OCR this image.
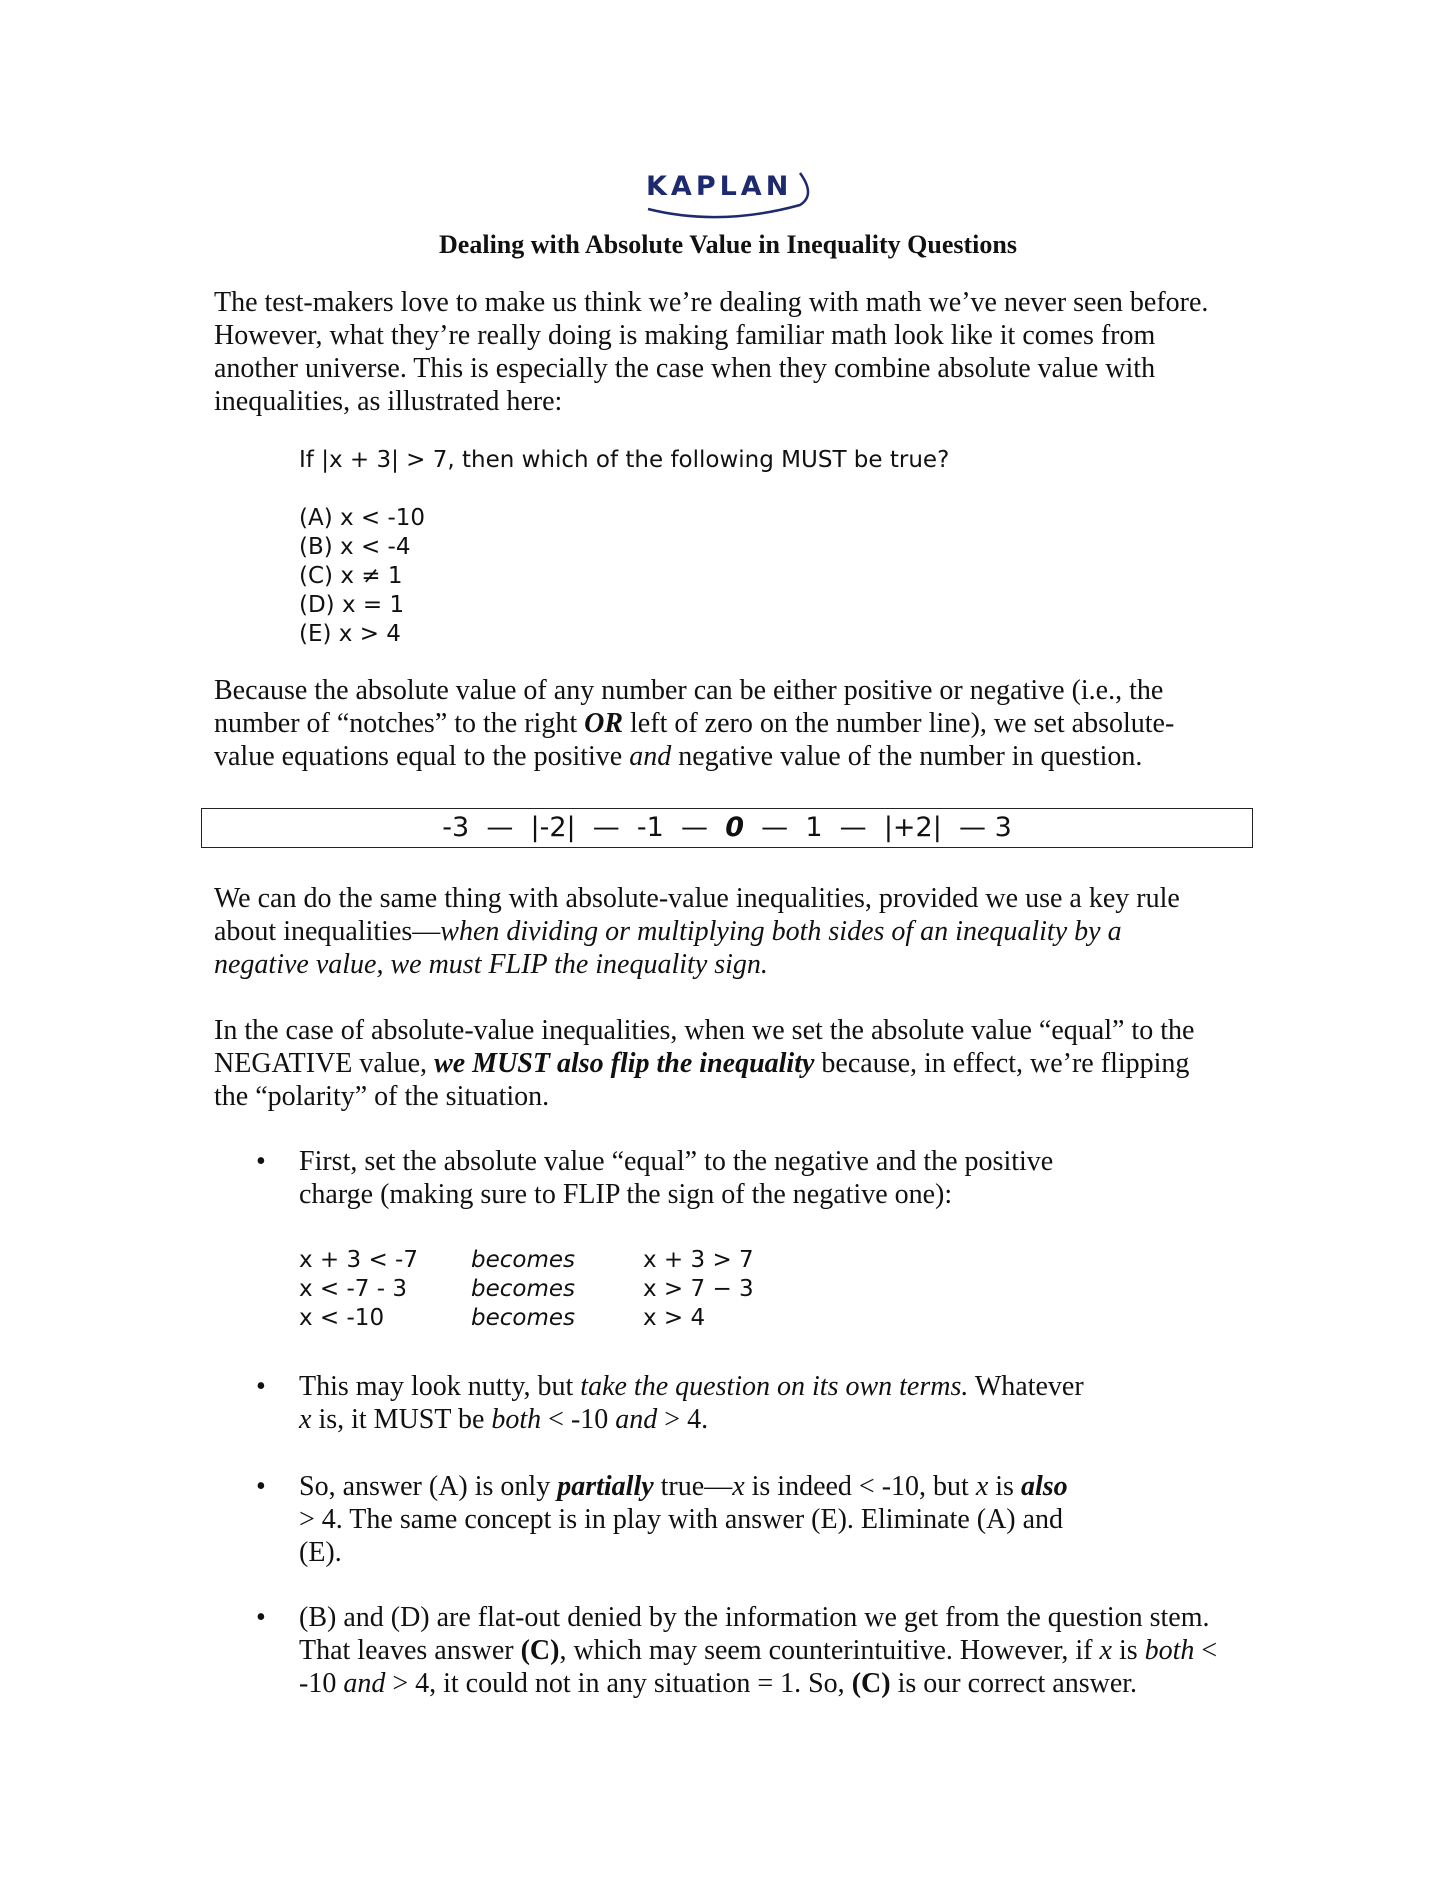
KAPLAN
Dealing with Absolute Value in Inequality Questions
The test-makers love to make us think we’re dealing with math we’ve never seen before.
However, what they’re really doing is making familiar math look like it comes from
another universe. This is especially the case when they combine absolute value with
inequalities, as illustrated here:
If |x + 3| > 7, then which of the following MUST be true?
(A) x < -10
(B) x < -4
(C) x ≠ 1
(D) x = 1
(E) x > 4
Because the absolute value of any number can be either positive or negative (i.e., the
number of “notches” to the right OR left of zero on the number line), we set absolute-
value equations equal to the positive and negative value of the number in question.
-3  —  |-2|  —  -1  —  0  —  1  —  |+2|  — 3
We can do the same thing with absolute-value inequalities, provided we use a key rule
about inequalities—when dividing or multiplying both sides of an inequality by a
negative value, we must FLIP the inequality sign.
In the case of absolute-value inequalities, when we set the absolute value “equal” to the
NEGATIVE value, we MUST also flip the inequality because, in effect, we’re flipping
the “polarity” of the situation.
• First, set the absolute value “equal” to the negative and the positive
charge (making sure to FLIP the sign of the negative one):
x + 3 < -7	becomes	x + 3 > 7
x < -7 - 3	becomes	x > 7 − 3
x < -10	becomes	x > 4
• This may look nutty, but take the question on its own terms. Whatever
x is, it MUST be both < -10 and > 4.
• So, answer (A) is only partially true—x is indeed < -10, but x is also
> 4. The same concept is in play with answer (E). Eliminate (A) and
(E).
• (B) and (D) are flat-out denied by the information we get from the question stem.
That leaves answer (C), which may seem counterintuitive. However, if x is both <
-10 and > 4, it could not in any situation = 1. So, (C) is our correct answer.
